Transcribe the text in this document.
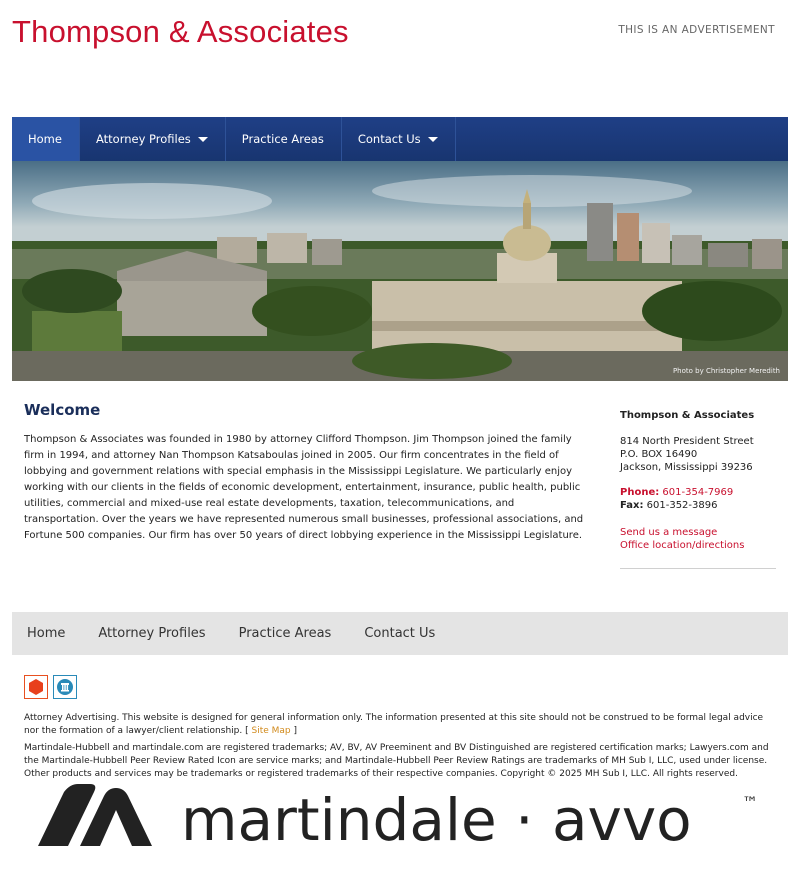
Thompson & Associates	THIS IS AN ADVERTISEMENT
Home	Attorney Profiles	Practice Areas	Contact Us
Photo by Christopher Meredith
Welcome

Thompson & Associates was founded in 1980 by attorney Clifford Thompson. Jim Thompson joined the family firm in 1994, and attorney Nan Thompson Katsaboulas joined in 2005. Our firm concentrates in the field of lobbying and government relations with special emphasis in the Mississippi Legislature. We particularly enjoy working with our clients in the fields of economic development, entertainment, insurance, public health, public utilities, commercial and mixed-use real estate developments, taxation, telecommunications, and transportation. Over the years we have represented numerous small businesses, professional associations, and Fortune 500 companies. Our firm has over 50 years of direct lobbying experience in the Mississippi Legislature.

Thompson & Associates
814 North President Street
P.O. BOX 16490
Jackson, Mississippi 39236
Phone: 601-354-7969
Fax: 601-352-3896
Send us a message
Office location/directions
Home	Attorney Profiles	Practice Areas	Contact Us

Attorney Advertising. This website is designed for general information only. The information presented at this site should not be construed to be formal legal advice nor the formation of a lawyer/client relationship. [ Site Map ]

Martindale-Hubbell and martindale.com are registered trademarks; AV, BV, AV Preeminent and BV Distinguished are registered certification marks; Lawyers.com and the Martindale-Hubbell Peer Review Rated Icon are service marks; and Martindale-Hubbell Peer Review Ratings are trademarks of MH Sub I, LLC, used under license. Other products and services may be trademarks or registered trademarks of their respective companies. Copyright © 2025 MH Sub I, LLC. All rights reserved.

martindale · avvo	™
